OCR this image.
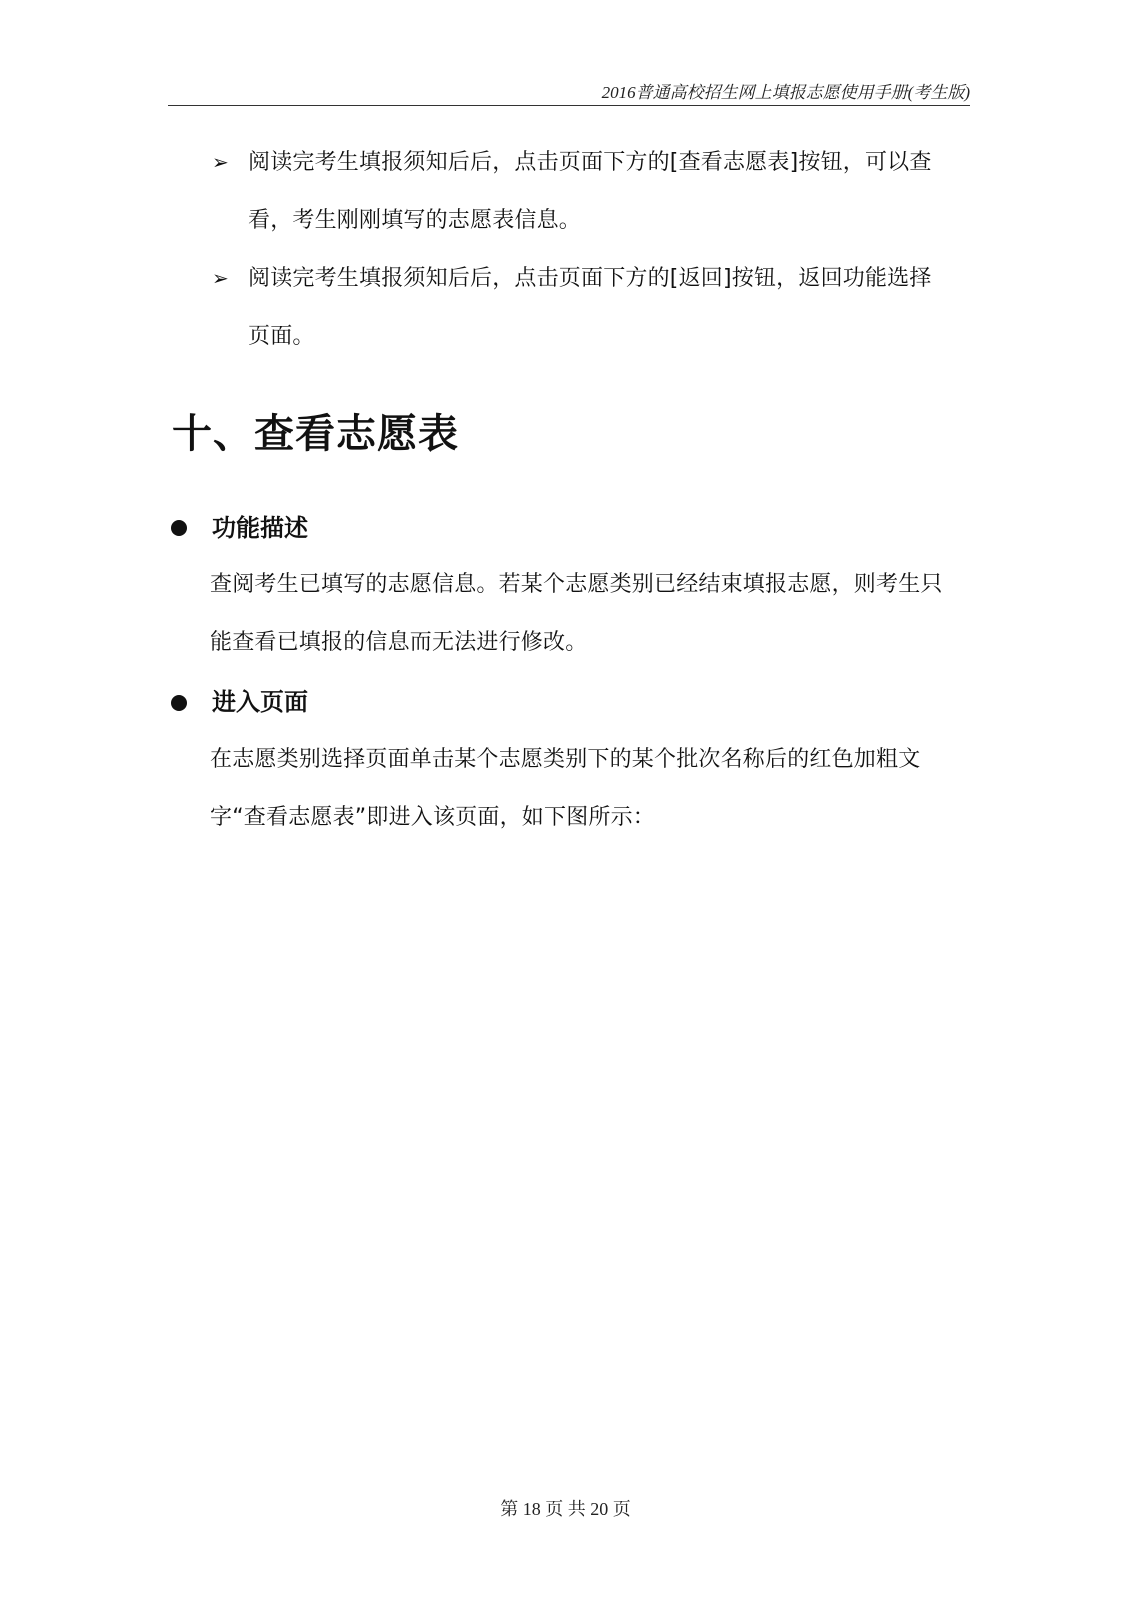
2016普通高校招生网上填报志愿使用手册(考生版)
➢ 阅读完考生填报须知后后，点击页面下方的[查看志愿表]按钮，可以查
看，考生刚刚填写的志愿表信息。
➢ 阅读完考生填报须知后后，点击页面下方的[返回]按钮，返回功能选择
页面。
十、查看志愿表
功能描述
查阅考生已填写的志愿信息。若某个志愿类别已经结束填报志愿，则考生只
能查看已填报的信息而无法进行修改。
进入页面
在志愿类别选择页面单击某个志愿类别下的某个批次名称后的红色加粗文
字“查看志愿表”即进入该页面，如下图所示：
第 18 页 共 20 页
